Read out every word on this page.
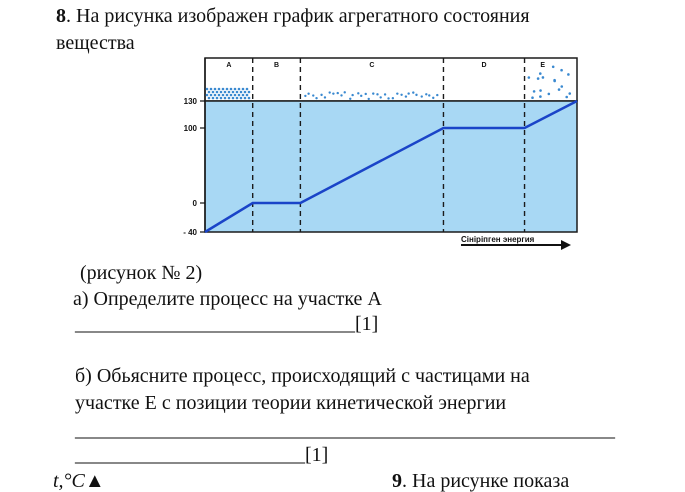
8. На рисунка изображен график агрегатного состояния
вещества
A	B	C	D	E
130
100
0
- 40
Сініріпген энергия
(рисунок № 2)
а) Определите процесс на участке А
____________________________[1]
б) Обьясните процесс, происходящий с частицами на
участке Е с позиции теории кинетической энергии
______________________________________________________
_______________________[1]
t,°C▲	9. На рисунке показа
